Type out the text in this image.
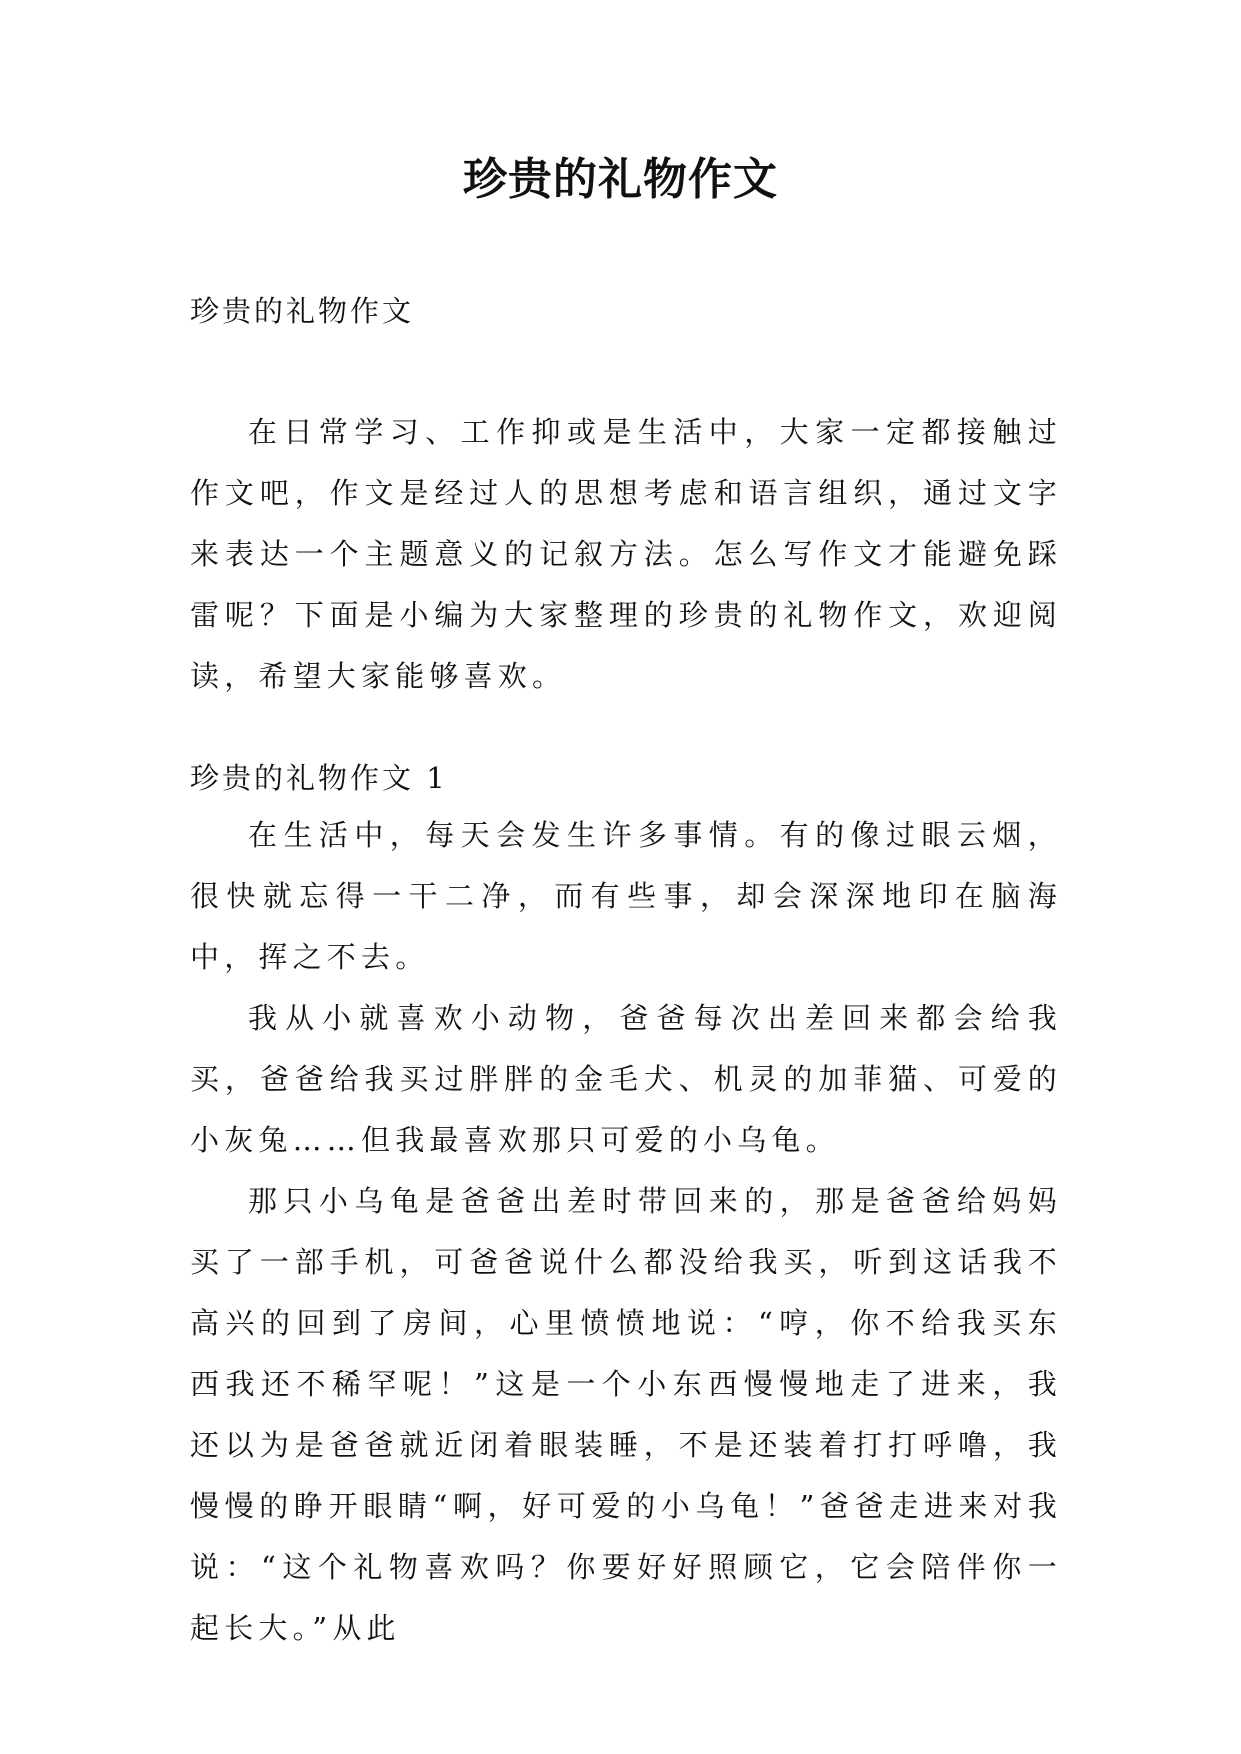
珍贵的礼物作文
珍贵的礼物作文

在日常学习、工作抑或是生活中，大家一定都接触过作文吧，作文是经过人的思想考虑和语言组织，通过文字来表达一个主题意义的记叙方法。怎么写作文才能避免踩雷呢？下面是小编为大家整理的珍贵的礼物作文，欢迎阅读，希望大家能够喜欢。

珍贵的礼物作文 1

在生活中，每天会发生许多事情。有的像过眼云烟，很快就忘得一干二净，而有些事，却会深深地印在脑海中，挥之不去。

我从小就喜欢小动物，爸爸每次出差回来都会给我买，爸爸给我买过胖胖的金毛犬、机灵的加菲猫、可爱的小灰兔……但我最喜欢那只可爱的小乌龟。

那只小乌龟是爸爸出差时带回来的，那是爸爸给妈妈买了一部手机，可爸爸说什么都没给我买，听到这话我不高兴的回到了房间，心里愤愤地说：“哼，你不给我买东西我还不稀罕呢！”这是一个小东西慢慢地走了进来，我还以为是爸爸就近闭着眼装睡，不是还装着打打呼噜，我慢慢的睁开眼睛“啊，好可爱的小乌龟！”爸爸走进来对我说：“这个礼物喜欢吗？你要好好照顾它，它会陪伴你一起长大。”从此
